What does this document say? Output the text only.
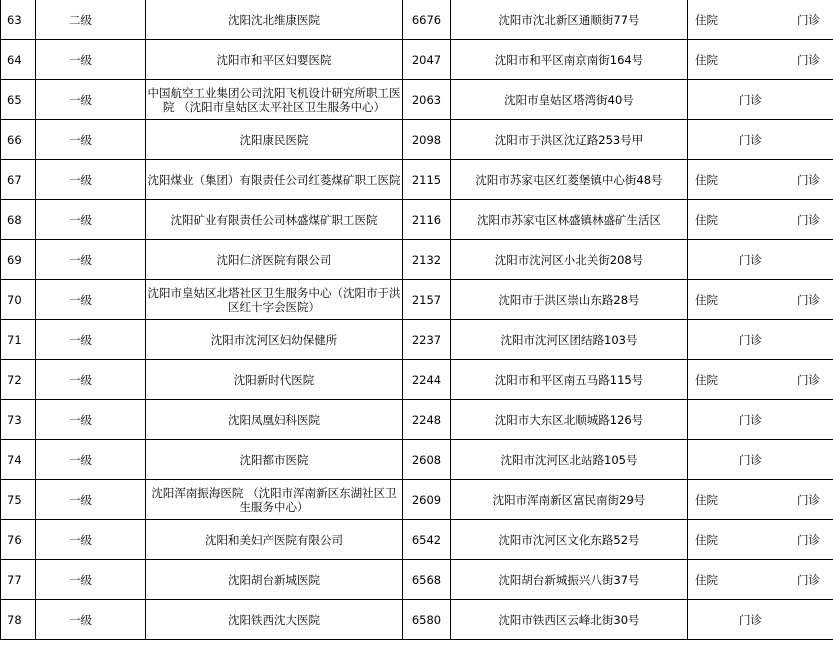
63	二级	沈阳沈北维康医院	6676	沈阳市沈北新区通顺街77号	住院 门诊

64	一级	沈阳市和平区妇婴医院	2047	沈阳市和平区南京南街164号	住院 门诊

65	一级	中国航空工业集团公司沈阳飞机设计研究所职工医院 （沈阳市皇姑区太平社区卫生服务中心）	2063	沈阳市皇姑区塔湾街40号	门诊

66	一级	沈阳康民医院	2098	沈阳市于洪区沈辽路253号甲	门诊

67	一级	沈阳煤业（集团）有限责任公司红菱煤矿职工医院	2115	沈阳市苏家屯区红菱堡镇中心街48号	住院 门诊

68	一级	沈阳矿业有限责任公司林盛煤矿职工医院	2116	沈阳市苏家屯区林盛镇林盛矿生活区	住院 门诊

69	一级	沈阳仁济医院有限公司	2132	沈阳市沈河区小北关街208号	门诊

70	一级	沈阳市皇姑区北塔社区卫生服务中心（沈阳市于洪区红十字会医院）	2157	沈阳市于洪区崇山东路28号	住院 门诊

71	一级	沈阳市沈河区妇幼保健所	2237	沈阳市沈河区团结路103号	门诊

72	一级	沈阳新时代医院	2244	沈阳市和平区南五马路115号	住院 门诊

73	一级	沈阳凤凰妇科医院	2248	沈阳市大东区北顺城路126号	门诊

74	一级	沈阳都市医院	2608	沈阳市沈河区北站路105号	门诊

75	一级	沈阳浑南振海医院 （沈阳市浑南新区东湖社区卫生服务中心）	2609	沈阳市浑南新区富民南街29号	住院 门诊

76	一级	沈阳和美妇产医院有限公司	6542	沈阳市沈河区文化东路52号	住院 门诊

77	一级	沈阳胡台新城医院	6568	沈阳胡台新城振兴八街37号	住院 门诊

78	一级	沈阳铁西沈大医院	6580	沈阳市铁西区云峰北街30号	门诊
